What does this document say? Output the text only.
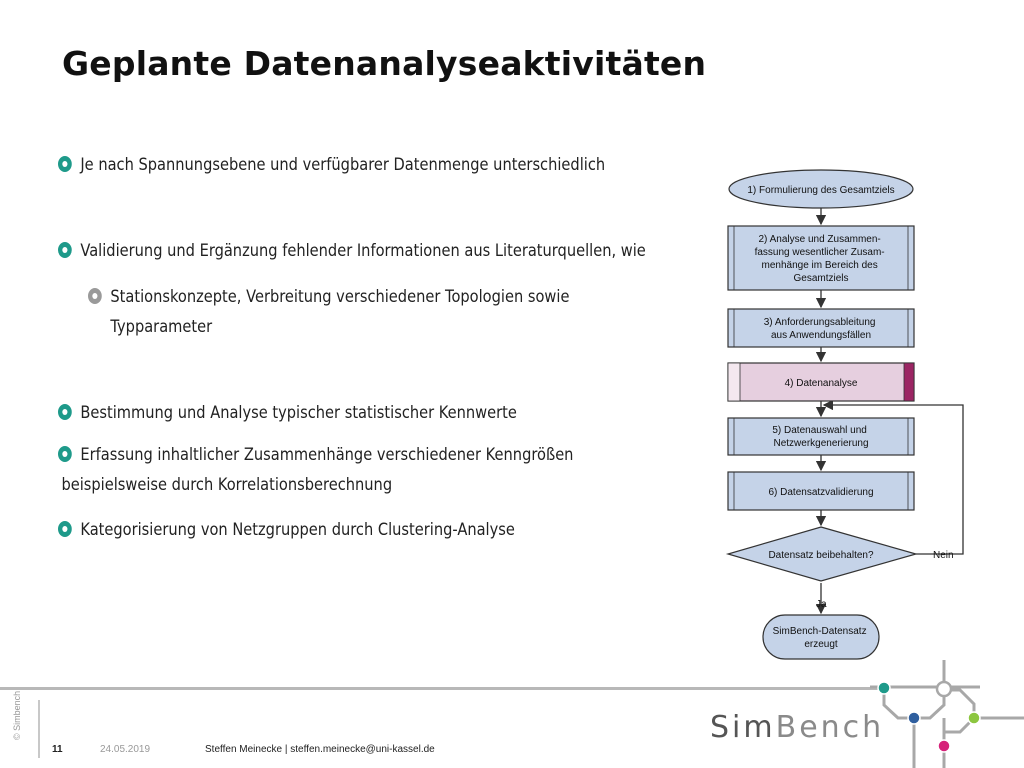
Geplante Datenanalyseaktivitäten
Je nach Spannungsebene und verfügbarer Datenmenge unterschiedlich
Validierung und Ergänzung fehlender Informationen aus Literaturquellen, wie
Stationskonzepte, Verbreitung verschiedener Topologien sowie
Typparameter
Bestimmung und Analyse typischer statistischer Kennwerte
Erfassung inhaltlicher Zusammenhänge verschiedener Kenngrößen
beispielsweise durch Korrelationsberechnung
Kategorisierung von Netzgruppen durch Clustering-Analyse
1) Formulierung des Gesamtziels
2) Analyse und Zusammen- fassung wesentlicher Zusam- menhänge im Bereich des Gesamtziels
3) Anforderungsableitung aus Anwendungsfällen
4) Datenanalyse
5) Datenauswahl und Netzwerkgenerierung
6) Datensatzvalidierung
Datensatz beibehalten?	Nein
Ja
SimBench-Datensatz erzeugt
© Simbench
11	24.05.2019	Steffen Meinecke | steffen.meinecke@uni-kassel.de
SimBench
